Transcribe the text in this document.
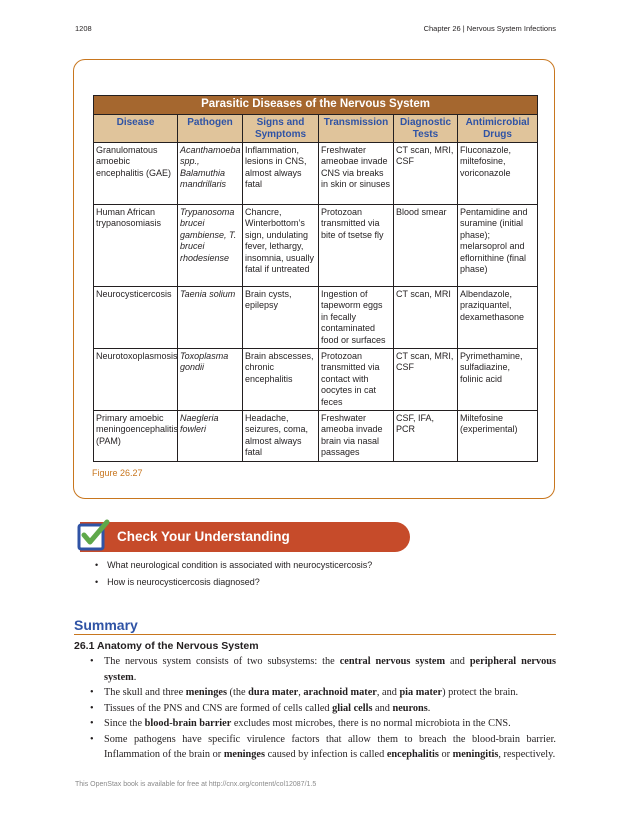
1208	Chapter 26 | Nervous System Infections
Parasitic Diseases of the Nervous System					
Disease	Pathogen	Signs and Symptoms	Transmission	Diagnostic Tests	Antimicrobial Drugs
Granulomatous amoebic encephalitis (GAE)	Acanthamoeba spp., Balamuthia mandrillaris	Inflammation, lesions in CNS, almost always fatal	Freshwater ameobae invade CNS via breaks in skin or sinuses	CT scan, MRI, CSF	Fluconazole, miltefosine, voriconazole
Human African trypanosomiasis	Trypanosoma brucei gambiense, T. brucei rhodesiense	Chancre, Winterbottom’s sign, undulating fever, lethargy, insomnia, usually fatal if untreated	Protozoan transmitted via bite of tsetse fly	Blood smear	Pentamidine and suramine (initial phase); melarsoprol and eflornithine (final phase)
Neurocysticercosis	Taenia solium	Brain cysts, epilepsy	Ingestion of tapeworm eggs in fecally contaminated food or surfaces	CT scan, MRI	Albendazole, praziquantel, dexamethasone
Neurotoxoplasmosis	Toxoplasma gondii	Brain abscesses, chronic encephalitis	Protozoan transmitted via contact with oocytes in cat feces	CT scan, MRI, CSF	Pyrimethamine, sulfadiazine, folinic acid
Primary amoebic meningoencephalitis (PAM)	Naegleria fowleri	Headache, seizures, coma, almost always fatal	Freshwater ameoba invade brain via nasal passages	CSF, IFA, PCR	Miltefosine (experimental)
Figure 26.27
Check Your Understanding
• What neurological condition is associated with neurocysticercosis?
• How is neurocysticercosis diagnosed?
Summary
26.1 Anatomy of the Nervous System
• The nervous system consists of two subsystems: the central nervous system and peripheral nervous system.
• The skull and three meninges (the dura mater, arachnoid mater, and pia mater) protect the brain.
• Tissues of the PNS and CNS are formed of cells called glial cells and neurons.
• Since the blood-brain barrier excludes most microbes, there is no normal microbiota in the CNS.
• Some pathogens have specific virulence factors that allow them to breach the blood-brain barrier. Inflammation of the brain or meninges caused by infection is called encephalitis or meningitis, respectively.
This OpenStax book is available for free at http://cnx.org/content/col12087/1.5
